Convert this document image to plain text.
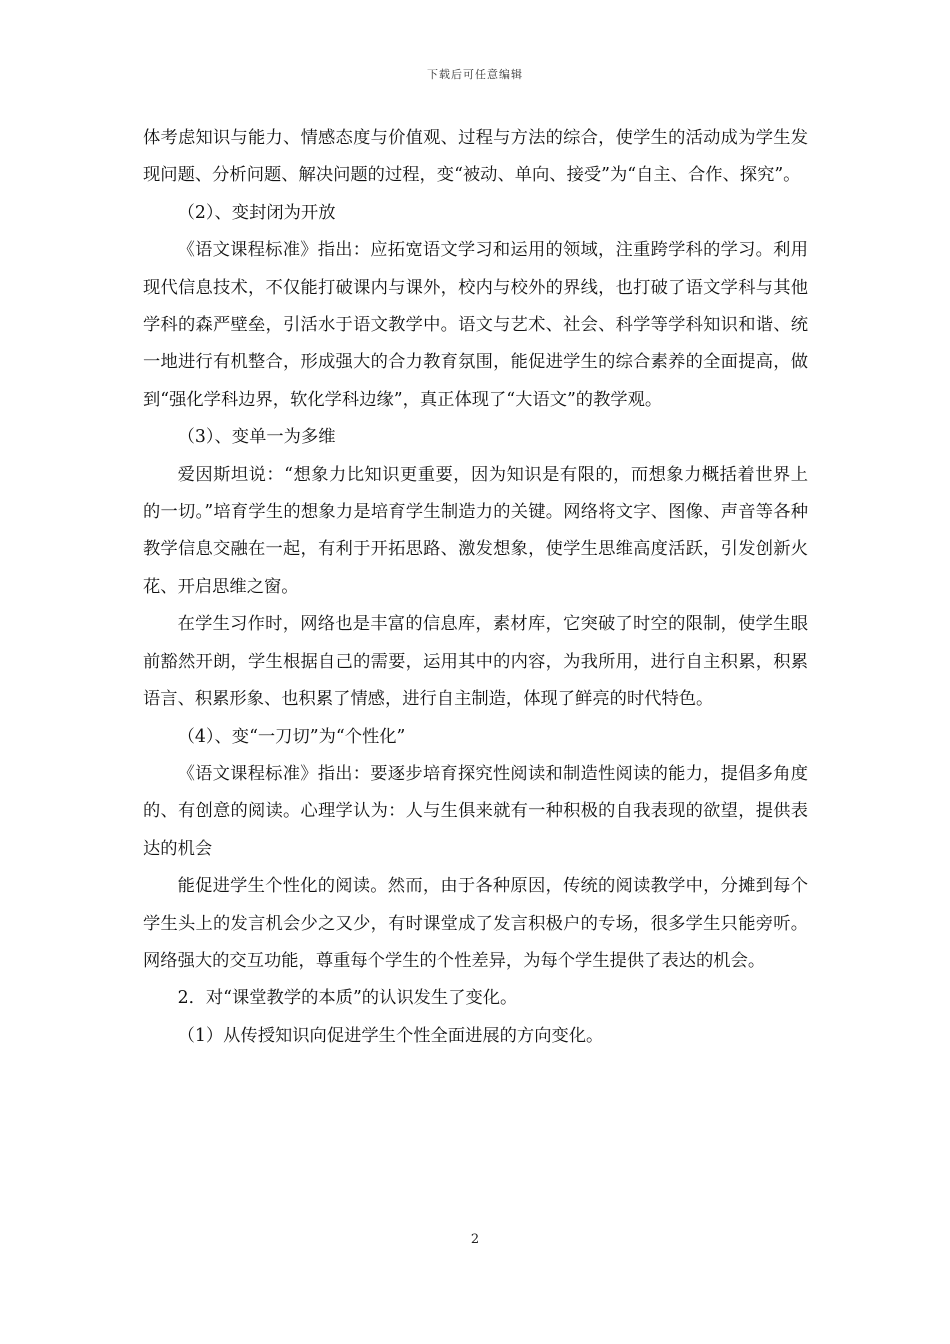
下载后可任意编辑

体考虑知识与能力、情感态度与价值观、过程与方法的综合，使学生的活动成为学生发现问题、分析问题、解决问题的过程，变“被动、单向、接受”为“自主、合作、探究”。

（2）、变封闭为开放

《语文课程标准》指出：应拓宽语文学习和运用的领域，注重跨学科的学习。利用现代信息技术，不仅能打破课内与课外，校内与校外的界线，也打破了语文学科与其他学科的森严壁垒，引活水于语文教学中。语文与艺术、社会、科学等学科知识和谐、统一地进行有机整合，形成强大的合力教育氛围，能促进学生的综合素养的全面提高，做到“强化学科边界，软化学科边缘”，真正体现了“大语文”的教学观。

（3）、变单一为多维

爱因斯坦说：“想象力比知识更重要，因为知识是有限的，而想象力概括着世界上的一切。”培育学生的想象力是培育学生制造力的关键。网络将文字、图像、声音等各种教学信息交融在一起，有利于开拓思路、激发想象，使学生思维高度活跃，引发创新火花、开启思维之窗。

在学生习作时，网络也是丰富的信息库，素材库，它突破了时空的限制，使学生眼前豁然开朗，学生根据自己的需要，运用其中的内容，为我所用，进行自主积累，积累语言、积累形象、也积累了情感，进行自主制造，体现了鲜亮的时代特色。

（4）、变“一刀切”为“个性化”

《语文课程标准》指出：要逐步培育探究性阅读和制造性阅读的能力，提倡多角度的、有创意的阅读。心理学认为：人与生俱来就有一种积极的自我表现的欲望，提供表达的机会

能促进学生个性化的阅读。然而，由于各种原因，传统的阅读教学中，分摊到每个学生头上的发言机会少之又少，有时课堂成了发言积极户的专场，很多学生只能旁听。网络强大的交互功能，尊重每个学生的个性差异，为每个学生提供了表达的机会。

2．对“课堂教学的本质”的认识发生了变化。

（1）从传授知识向促进学生个性全面进展的方向变化。

2
